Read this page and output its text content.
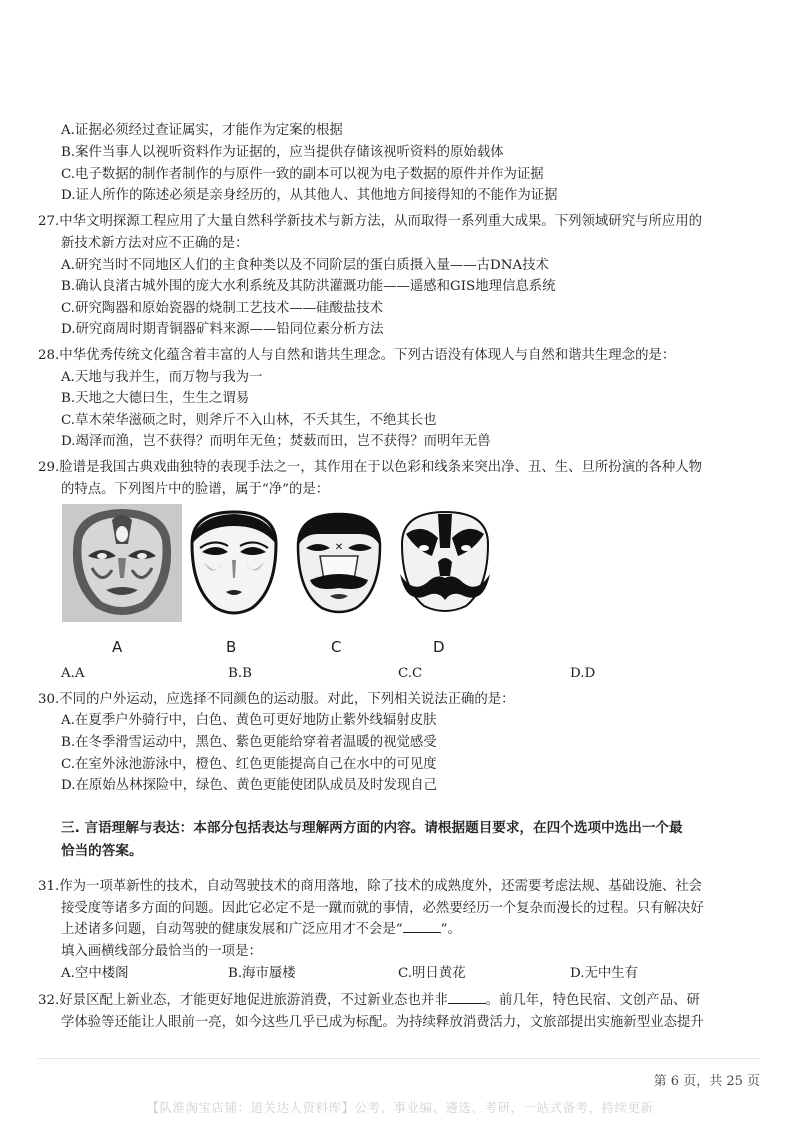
A.证据必须经过查证属实，才能作为定案的根据
B.案件当事人以视听资料作为证据的，应当提供存储该视听资料的原始载体
C.电子数据的制作者制作的与原件一致的副本可以视为电子数据的原件并作为证据
D.证人所作的陈述必须是亲身经历的，从其他人、其他地方间接得知的不能作为证据
27.中华文明探源工程应用了大量自然科学新技术与新方法，从而取得一系列重大成果。下列领域研究与所应用的
新技术新方法对应不正确的是：
A.研究当时不同地区人们的主食种类以及不同阶层的蛋白质摄入量——古DNA技术
B.确认良渚古城外围的庞大水利系统及其防洪灌溉功能——遥感和GIS地理信息系统
C.研究陶器和原始瓷器的烧制工艺技术——硅酸盐技术
D.研究商周时期青铜器矿料来源——铅同位素分析方法
28.中华优秀传统文化蕴含着丰富的人与自然和谐共生理念。下列古语没有体现人与自然和谐共生理念的是：
A.天地与我并生，而万物与我为一
B.天地之大德曰生，生生之谓易
C.草木荣华滋硕之时，则斧斤不入山林，不夭其生，不绝其长也
D.竭泽而渔，岂不获得？而明年无鱼；焚薮而田，岂不获得？而明年无兽
29.脸谱是我国古典戏曲独特的表现手法之一，其作用在于以色彩和线条来突出净、丑、生、旦所扮演的各种人物
的特点。下列图片中的脸谱，属于“净”的是：
✕
A	B	C	D
A.A	B.B	C.C	D.D
30.不同的户外运动，应选择不同颜色的运动服。对此，下列相关说法正确的是：
A.在夏季户外骑行中，白色、黄色可更好地防止紫外线辐射皮肤
B.在冬季滑雪运动中，黑色、紫色更能给穿着者温暖的视觉感受
C.在室外泳池游泳中，橙色、红色更能提高自己在水中的可见度
D.在原始丛林探险中，绿色、黄色更能使团队成员及时发现自己
三. 言语理解与表达：本部分包括表达与理解两方面的内容。请根据题目要求，在四个选项中选出一个最
恰当的答案。
31.作为一项革新性的技术，自动驾驶技术的商用落地，除了技术的成熟度外，还需要考虑法规、基础设施、社会
接受度等诸多方面的问题。因此它必定不是一蹴而就的事情，必然要经历一个复杂而漫长的过程。只有解决好
上述诸多问题，自动驾驶的健康发展和广泛应用才不会是“	”。
填入画横线部分最恰当的一项是：
A.空中楼阁	B.海市蜃楼	C.明日黄花	D.无中生有
32.好景区配上新业态，才能更好地促进旅游消费，不过新业态也并非	。前几年，特色民宿、文创产品、研
学体验等还能让人眼前一亮，如今这些几乎已成为标配。为持续释放消费活力，文旅部提出实施新型业态提升
第 6 页，共 25 页
【队淮淘宝店铺：道关达人资料库】公考、事业编、遴选、考研，一站式备考，持续更新
